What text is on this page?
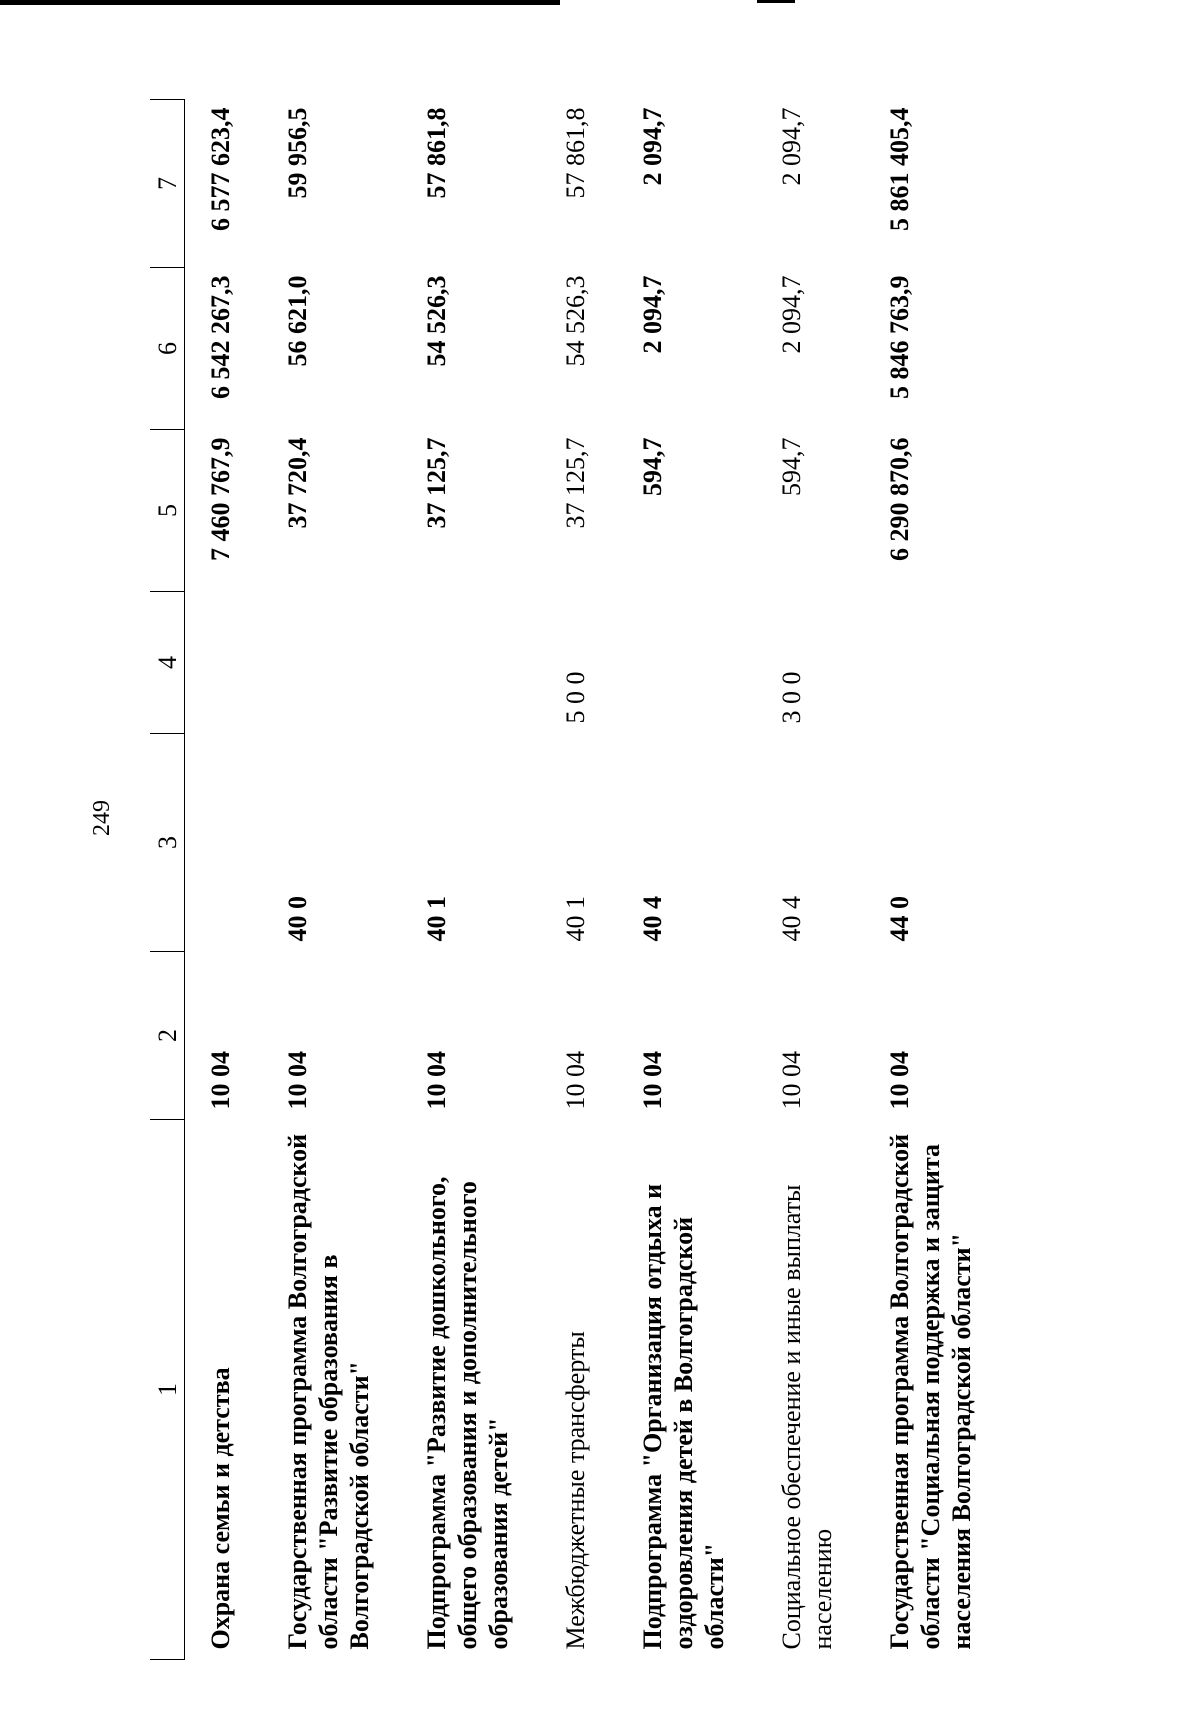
249
1	2	3	4	5	6	7
Охрана семьи и детства	10 04			7 460 767,9	6 542 267,3	6 577 623,4
Государственная программа Волгоградской области "Развитие образования в Волгоградской области"	10 04	40 0		37 720,4	56 621,0	59 956,5
Подпрограмма "Развитие дошкольного, общего образования и дополнительного образования детей"	10 04	40 1		37 125,7	54 526,3	57 861,8
Межбюджетные трансферты	10 04	40 1	5 0 0	37 125,7	54 526,3	57 861,8
Подпрограмма "Организация отдыха и оздоровления детей в Волгоградской области"	10 04	40 4		594,7	2 094,7	2 094,7
Социальное обеспечение и иные выплаты населению	10 04	40 4	3 0 0	594,7	2 094,7	2 094,7
Государственная программа Волгоградской области "Социальная поддержка и защита населения Волгоградской области"	10 04	44 0		6 290 870,6	5 846 763,9	5 861 405,4
